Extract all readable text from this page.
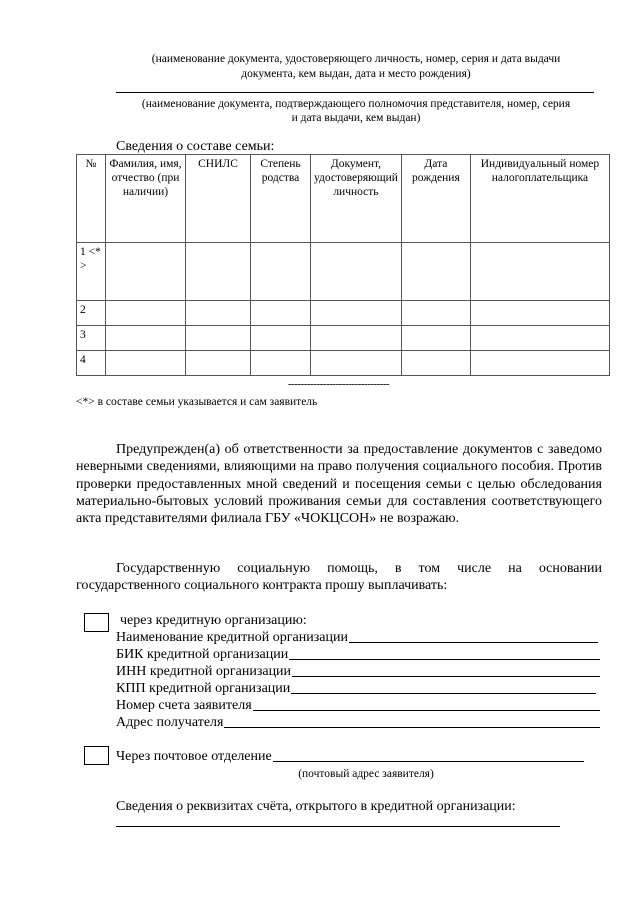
(наименование документа, удостоверяющего личность, номер, серия и дата выдачи
документа, кем выдан, дата и место рождения)
(наименование документа, подтверждающего полномочия представителя, номер, серия
и дата выдачи, кем выдан)
Сведения о составе семьи:
№	Фамилия, имя, отчество (при наличии)	СНИЛС	Степень родства	Документ, удостоверяющий личность	Дата рождения	Индивидуальный номер налогоплательщика
1 <*>						
2						
3						
4						
--------------------------------
<*> в составе семьи указывается и сам заявитель
Предупрежден(а) об ответственности за предоставление документов с заведомо неверными сведениями, влияющими на право получения социального пособия. Против проверки предоставленных мной сведений и посещения семьи с целью обследования материально-бытовых условий проживания семьи для составления соответствующего акта представителями филиала ГБУ «ЧОКЦСОН» не возражаю.
Государственную социальную помощь, в том числе на основании государственного социального контракта прошу выплачивать:
через кредитную организацию:
Наименование кредитной организации
БИК кредитной организации
ИНН кредитной организации
КПП кредитной организации
Номер счета заявителя
Адрес получателя
Через почтовое отделение
(почтовый адрес заявителя)
Сведения о реквизитах счёта, открытого в кредитной организации:
